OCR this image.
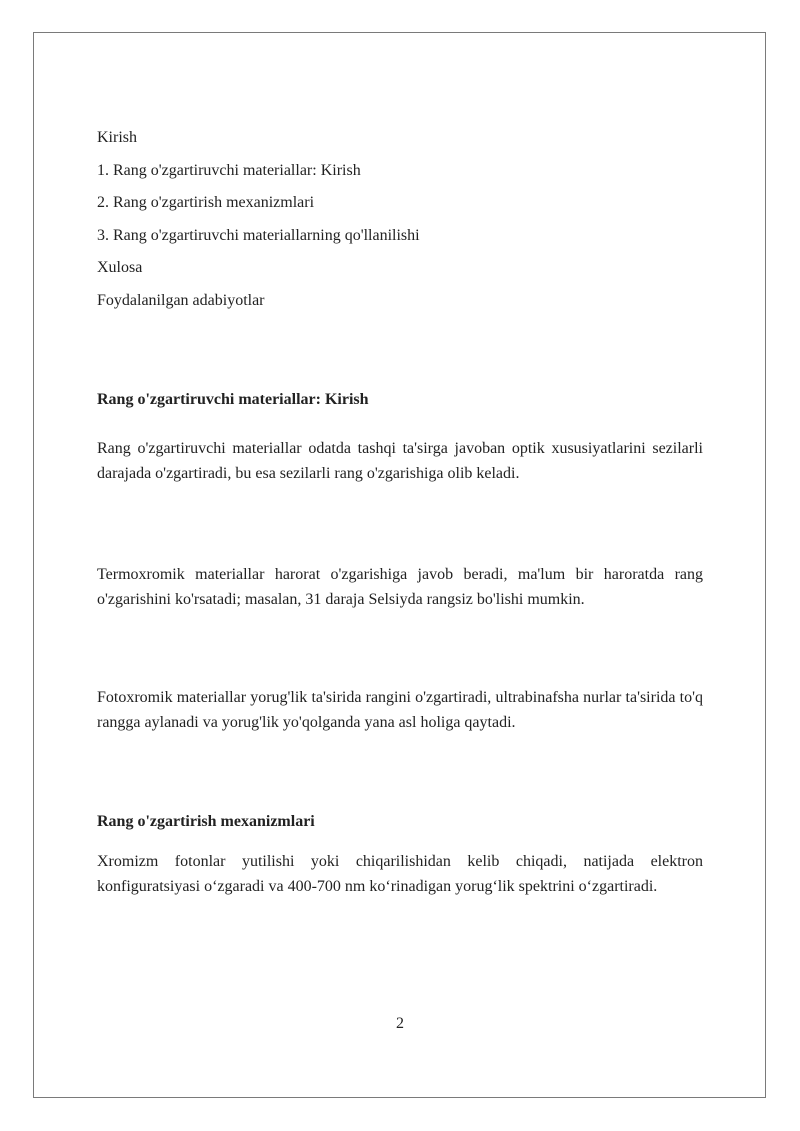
Kirish
1. Rang o'zgartiruvchi materiallar: Kirish
2. Rang o'zgartirish mexanizmlari
3. Rang o'zgartiruvchi materiallarning qo'llanilishi
Xulosa
Foydalanilgan adabiyotlar
Rang o'zgartiruvchi materiallar: Kirish
Rang o'zgartiruvchi materiallar odatda tashqi ta'sirga javoban optik xususiyatlarini sezilarli darajada o'zgartiradi, bu esa sezilarli rang o'zgarishiga olib keladi.
Termoxromik materiallar harorat o'zgarishiga javob beradi, ma'lum bir haroratda rang o'zgarishini ko'rsatadi; masalan, 31 daraja Selsiyda rangsiz bo'lishi mumkin.
Fotoxromik materiallar yorug'lik ta'sirida rangini o'zgartiradi, ultrabinafsha nurlar ta'sirida to'q rangga aylanadi va yorug'lik yo'qolganda yana asl holiga qaytadi.
Rang o'zgartirish mexanizmlari
Xromizm fotonlar yutilishi yoki chiqarilishidan kelib chiqadi, natijada elektron konfiguratsiyasi o‘zgaradi va 400-700 nm ko‘rinadigan yorug‘lik spektrini o‘zgartiradi.
2
